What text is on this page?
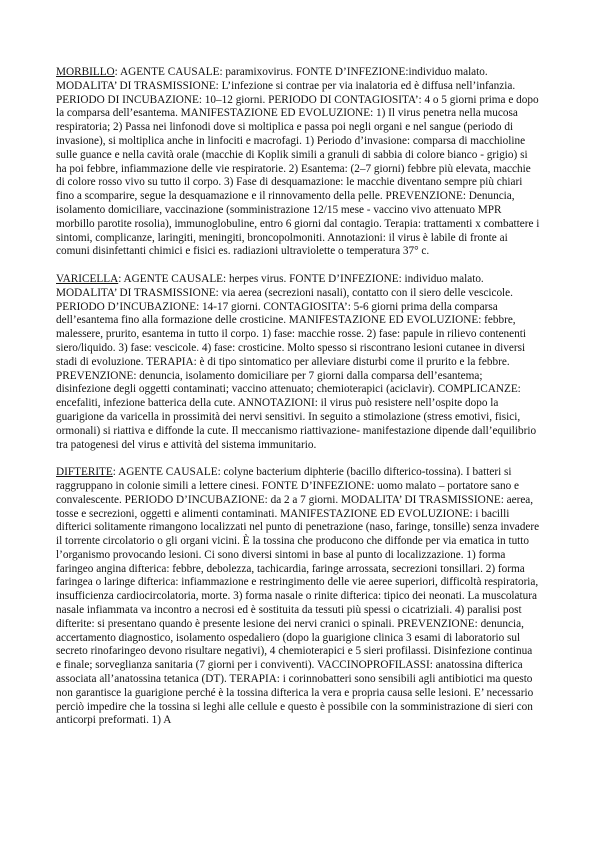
MORBILLO: AGENTE CAUSALE: paramixovirus. FONTE D’INFEZIONE:individuo malato. MODALITA’ DI TRASMISSIONE: L’infezione si contrae per via inalatoria ed è diffusa nell’infanzia. PERIODO DI INCUBAZIONE: 10–12 giorni. PERIODO DI CONTAGIOSITA’: 4 o 5 giorni prima e dopo la comparsa dell’esantema. MANIFESTAZIONE ED EVOLUZIONE: 1) Il virus penetra nella mucosa respiratoria; 2) Passa nei linfonodi dove si moltiplica e passa poi negli organi e nel sangue (periodo di invasione), si moltiplica anche in linfociti e macrofagi. 1) Periodo d’invasione: comparsa di macchioline sulle guance e nella cavità orale (macchie di Koplik simili a granuli di sabbia di colore bianco - grigio) si ha poi febbre, infiammazione delle vie respiratorie. 2) Esantema: (2–7 giorni) febbre più elevata, macchie di colore rosso vivo su tutto il corpo. 3) Fase di desquamazione: le macchie diventano sempre più chiari fino a scomparire, segue la desquamazione e il rinnovamento della pelle. PREVENZIONE: Denuncia, isolamento domiciliare, vaccinazione (somministrazione 12/15 mese - vaccino vivo attenuato MPR morbillo parotite rosolia), immunoglobuline, entro 6 giorni dal contagio. Terapia: trattamenti x combattere i sintomi, complicanze, laringiti, meningiti, broncopolmoniti. Annotazioni: il virus è labile di fronte ai comuni disinfettanti chimici e fisici es. radiazioni ultraviolette o temperatura 37° c.

VARICELLA: AGENTE CAUSALE: herpes virus. FONTE D’INFEZIONE: individuo malato. MODALITA’ DI TRASMISSIONE: via aerea (secrezioni nasali), contatto con il siero delle vescicole. PERIODO D’INCUBAZIONE: 14-17 giorni. CONTAGIOSITA’: 5-6 giorni prima della comparsa dell’esantema fino alla formazione delle crosticine. MANIFESTAZIONE ED EVOLUZIONE: febbre, malessere, prurito, esantema in tutto il corpo. 1) fase: macchie rosse. 2) fase: papule in rilievo contenenti siero/liquido. 3) fase: vescicole. 4) fase: crosticine. Molto spesso si riscontrano lesioni cutanee in diversi stadi di evoluzione. TERAPIA: è di tipo sintomatico per alleviare disturbi come il prurito e la febbre. PREVENZIONE: denuncia, isolamento domiciliare per 7 giorni dalla comparsa dell’esantema; disinfezione degli oggetti contaminati; vaccino attenuato; chemioterapici (aciclavir). COMPLICANZE: encefaliti, infezione batterica della cute. ANNOTAZIONI: il virus può resistere nell’ospite dopo la guarigione da varicella in prossimità dei nervi sensitivi. In seguito a stimolazione (stress emotivi, fisici, ormonali) si riattiva e diffonde la cute. Il meccanismo riattivazione- manifestazione dipende dall’equilibrio tra patogenesi del virus e attività del sistema immunitario.

DIFTERITE: AGENTE CAUSALE: colyne bacterium diphterie (bacillo difterico-tossina). I batteri si raggruppano in colonie simili a lettere cinesi. FONTE D’INFEZIONE: uomo malato – portatore sano e convalescente. PERIODO D’INCUBAZIONE: da 2 a 7 giorni. MODALITA’ DI TRASMISSIONE: aerea, tosse e secrezioni, oggetti e alimenti contaminati. MANIFESTAZIONE ED EVOLUZIONE: i bacilli difterici solitamente rimangono localizzati nel punto di penetrazione (naso, faringe, tonsille) senza invadere il torrente circolatorio o gli organi vicini. È la tossina che producono che diffonde per via ematica in tutto l’organismo provocando lesioni. Ci sono diversi sintomi in base al punto di localizzazione. 1) forma faringeo angina difterica: febbre, debolezza, tachicardia, faringe arrossata, secrezioni tonsillari. 2) forma faringea o laringe difterica: infiammazione e restringimento delle vie aeree superiori, difficoltà respiratoria, insufficienza cardiocircolatoria, morte. 3) forma nasale o rinite difterica: tipico dei neonati. La muscolatura nasale infiammata va incontro a necrosi ed è sostituita da tessuti più spessi o cicatriziali. 4) paralisi post difterite: si presentano quando è presente lesione dei nervi cranici o spinali. PREVENZIONE: denuncia, accertamento diagnostico, isolamento ospedaliero (dopo la guarigione clinica 3 esami di laboratorio sul secreto rinofaringeo devono risultare negativi), 4 chemioterapici e 5 sieri profilassi. Disinfezione continua e finale; sorveglianza sanitaria (7 giorni per i conviventi). VACCINOPROFILASSI: anatossina difterica associata all’anatossina tetanica (DT). TERAPIA: i corinnobatteri sono sensibili agli antibiotici ma questo non garantisce la guarigione perché è la tossina difterica la vera e propria causa selle lesioni. E’ necessario perciò impedire che la tossina si leghi alle cellule e questo è possibile con la somministrazione di sieri con anticorpi preformati. 1) A
